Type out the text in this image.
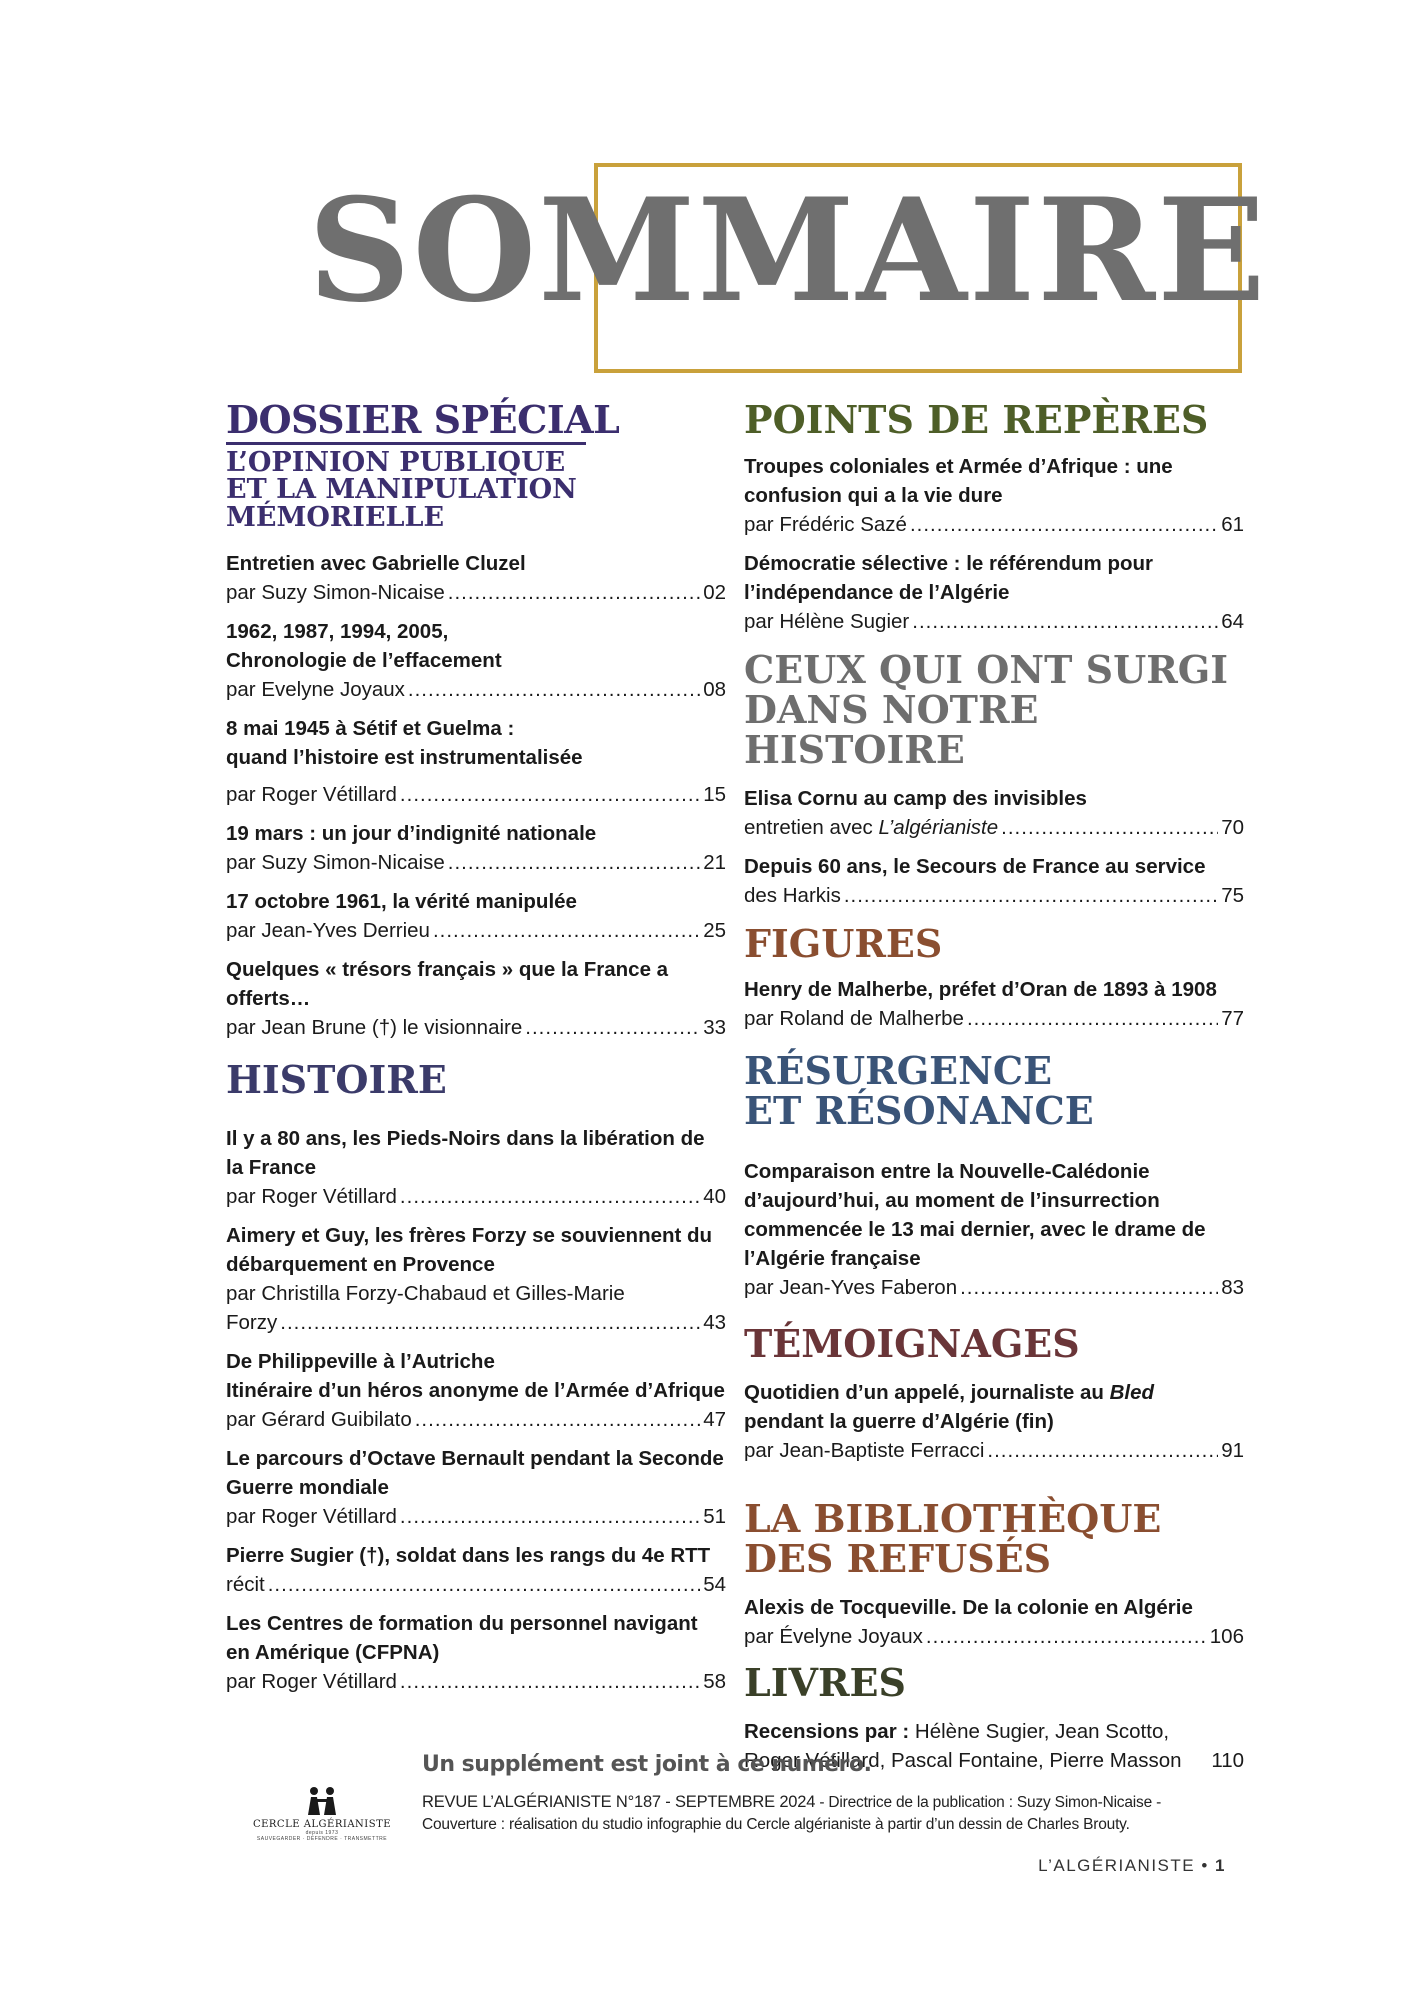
SOMMAIRE
DOSSIER SPÉCIAL
L’OPINION PUBLIQUE
ET LA MANIPULATION
MÉMORIELLE
Entretien avec Gabrielle Cluzel
par Suzy Simon-Nicaise .....	02
1962, 1987, 1994, 2005,
Chronologie de l’effacement
par Evelyne Joyaux .....	08
8 mai 1945 à Sétif et Guelma :
quand l’histoire est instrumentalisée
par Roger Vétillard .....	15
19 mars : un jour d’indignité nationale
par Suzy Simon-Nicaise .....	21
17 octobre 1961, la vérité manipulée
par Jean-Yves Derrieu .....	25
Quelques « trésors français » que la France a offerts…
par Jean Brune (†) le visionnaire .....	33
HISTOIRE
Il y a 80 ans, les Pieds-Noirs dans la libération de la France
par Roger Vétillard .....	40
Aimery et Guy, les frères Forzy se souviennent du débarquement en Provence
par Christilla Forzy-Chabaud et Gilles-Marie
Forzy .....	43
De Philippeville à l’Autriche
Itinéraire d’un héros anonyme de l’Armée d’Afrique
par Gérard Guibilato .....	47
Le parcours d’Octave Bernault pendant la Seconde Guerre mondiale
par Roger Vétillard .....	51
Pierre Sugier (†), soldat dans les rangs du 4e RTT
récit .....	54
Les Centres de formation du personnel navigant en Amérique (CFPNA)
par Roger Vétillard .....	58
POINTS DE REPÈRES
Troupes coloniales et Armée d’Afrique : une confusion qui a la vie dure
par Frédéric Sazé .....	61
Démocratie sélective : le référendum pour l’indépendance de l’Algérie
par Hélène Sugier .....	64
CEUX QUI ONT SURGI
DANS NOTRE HISTOIRE
Elisa Cornu au camp des invisibles
entretien avec L’algérianiste .....	70
Depuis 60 ans, le Secours de France au service
des Harkis .....	75
FIGURES
Henry de Malherbe, préfet d’Oran de 1893 à 1908
par Roland de Malherbe .....	77
RÉSURGENCE
ET RÉSONANCE
Comparaison entre la Nouvelle-Calédonie d’aujourd’hui, au moment de l’insurrection commencée le 13 mai dernier, avec le drame de l’Algérie française
par Jean-Yves Faberon .....	83
TÉMOIGNAGES
Quotidien d’un appelé, journaliste au Bled
pendant la guerre d’Algérie (fin)
par Jean-Baptiste Ferracci .....	91
LA BIBLIOTHÈQUE
DES REFUSÉS
Alexis de Tocqueville. De la colonie en Algérie
par Évelyne Joyaux .....	106
LIVRES
Recensions par : Hélène Sugier, Jean Scotto,
Roger Vétillard, Pascal Fontaine, Pierre Masson 110

Un supplément est joint à ce numéro.

CERCLE ALGÉRIANISTE
depuis 1973
SAUVEGARDER · DÉFENDRE · TRANSMETTRE
REVUE L’ALGÉRIANISTE N°187 - SEPTEMBRE 2024 - Directrice de la publication : Suzy Simon-Nicaise -
Couverture : réalisation du studio infographie du Cercle algérianiste à partir d’un dessin de Charles Brouty.

L’ALGÉRIANISTE • 1
